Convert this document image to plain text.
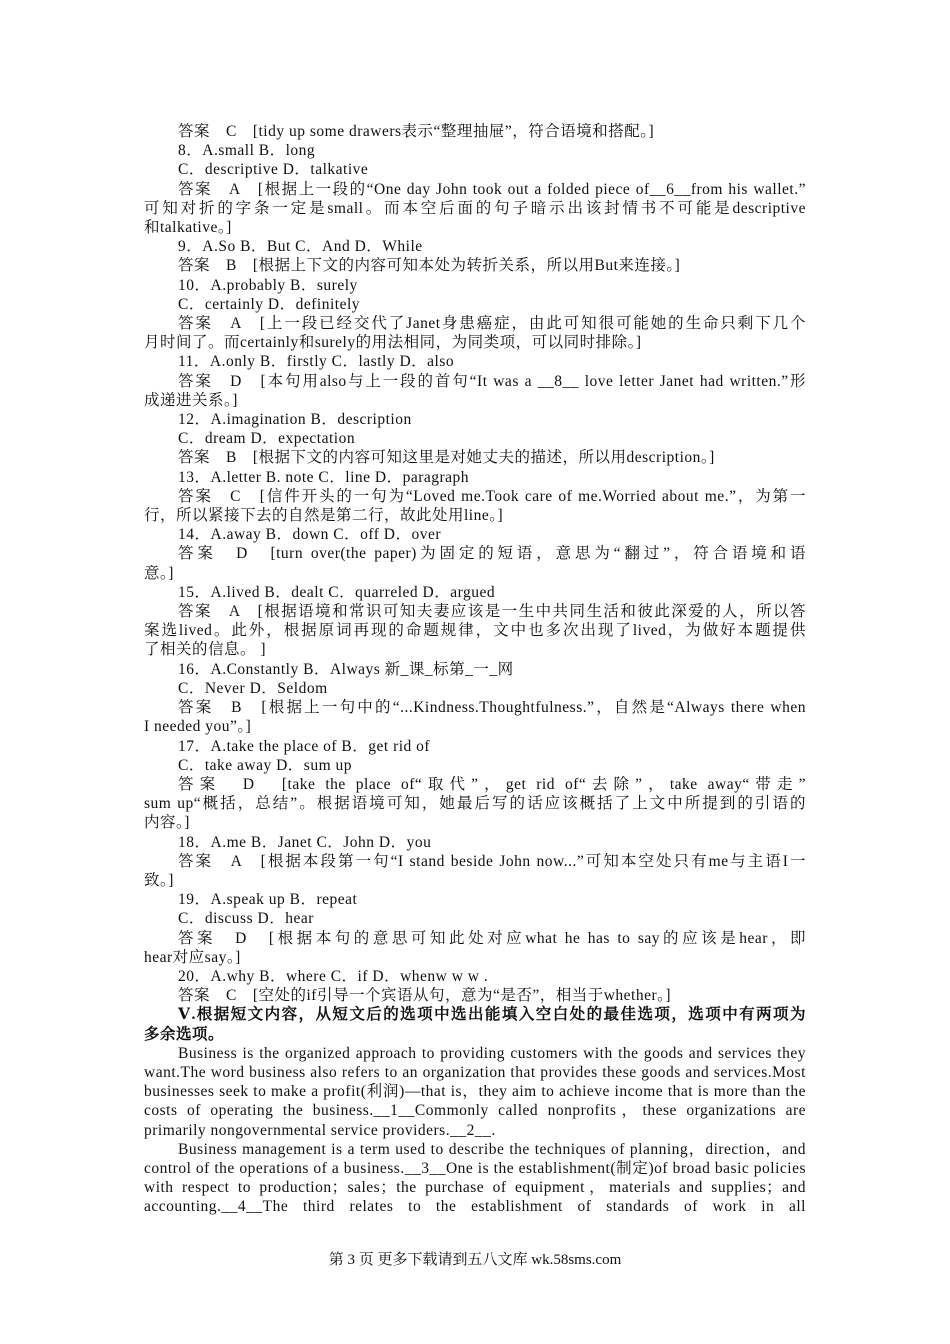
答案　C　[tidy up some drawers表示“整理抽屉”，符合语境和搭配。]
8．A.small B．long
C．descriptive D．talkative
答案　A　[根据上一段的“One day John took out a folded piece of__6__from his wallet.”
可知对折的字条一定是small。而本空后面的句子暗示出该封情书不可能是descriptive
和talkative。]
9．A.So B．But C．And D．While
答案　B　[根据上下文的内容可知本处为转折关系，所以用But来连接。]
10．A.probably B．surely
C．certainly D．definitely
答案　A　[上一段已经交代了Janet身患癌症，由此可知很可能她的生命只剩下几个
月时间了。而certainly和surely的用法相同，为同类项，可以同时排除。]
11．A.only B．firstly C．lastly D．also
答案　D　[本句用also与上一段的首句“It was a __8__ love letter Janet had written.”形
成递进关系。]
12．A.imagination B．description
C．dream D．expectation
答案　B　[根据下文的内容可知这里是对她丈夫的描述，所以用description。]
13．A.letter B. note C．line D．paragraph
答案　C　[信件开头的一句为“Loved me.Took care of me.Worried about me.”，为第一
行，所以紧接下去的自然是第二行，故此处用line。]
14．A.away B．down C．off D．over
答案　D　[turn over(the paper)为固定的短语，意思为“翻过”，符合语境和语
意。]
15．A.lived B．dealt C．quarreled D．argued
答案　A　[根据语境和常识可知夫妻应该是一生中共同生活和彼此深爱的人，所以答
案选lived。此外，根据原词再现的命题规律，文中也多次出现了lived，为做好本题提供
了相关的信息。 ]
16．A.Constantly B．Always 新_课_标第_一_网
C．Never D．Seldom
答案　B　[根据上一句中的“...Kindness.Thoughtfulness.”，自然是“Always there when
I needed you”。]
17．A.take the place of B．get rid of
C．take away D．sum up
答案　D　[take the place of“取代”，get rid of“去除”，take away“带走”
sum up“概括，总结”。根据语境可知，她最后写的话应该概括了上文中所提到的引语的
内容。]
18．A.me B．Janet C．John D．you
答案　A　[根据本段第一句“I stand beside John now...”可知本空处只有me与主语I一
致。]
19．A.speak up B．repeat
C．discuss D．hear
答案　D　[根据本句的意思可知此处对应what he has to say的应该是hear，即
hear对应say。]
20．A.why B．where C．if D．whenw w w .
答案　C　[空处的if引导一个宾语从句，意为“是否”，相当于whether。]
Ⅴ.根据短文内容，从短文后的选项中选出能填入空白处的最佳选项，选项中有两项为
多余选项。
Business is the organized approach to providing customers with the goods and services they
want.The word business also refers to an organization that provides these goods and services.Most
businesses seek to make a profit(利润)—that is，they aim to achieve income that is more than the
costs of operating the business.__1__Commonly called nonprofits，these organizations are
primarily nongovernmental service providers.__2__.
Business management is a term used to describe the techniques of planning，direction，and
control of the operations of a business.__3__One is the establishment(制定)of broad basic policies
with respect to production；sales；the purchase of equipment，materials and supplies；and
accounting.__4__The third relates to the establishment of standards of work in all
第 3 页 更多下载请到五八文库 wk.58sms.com
